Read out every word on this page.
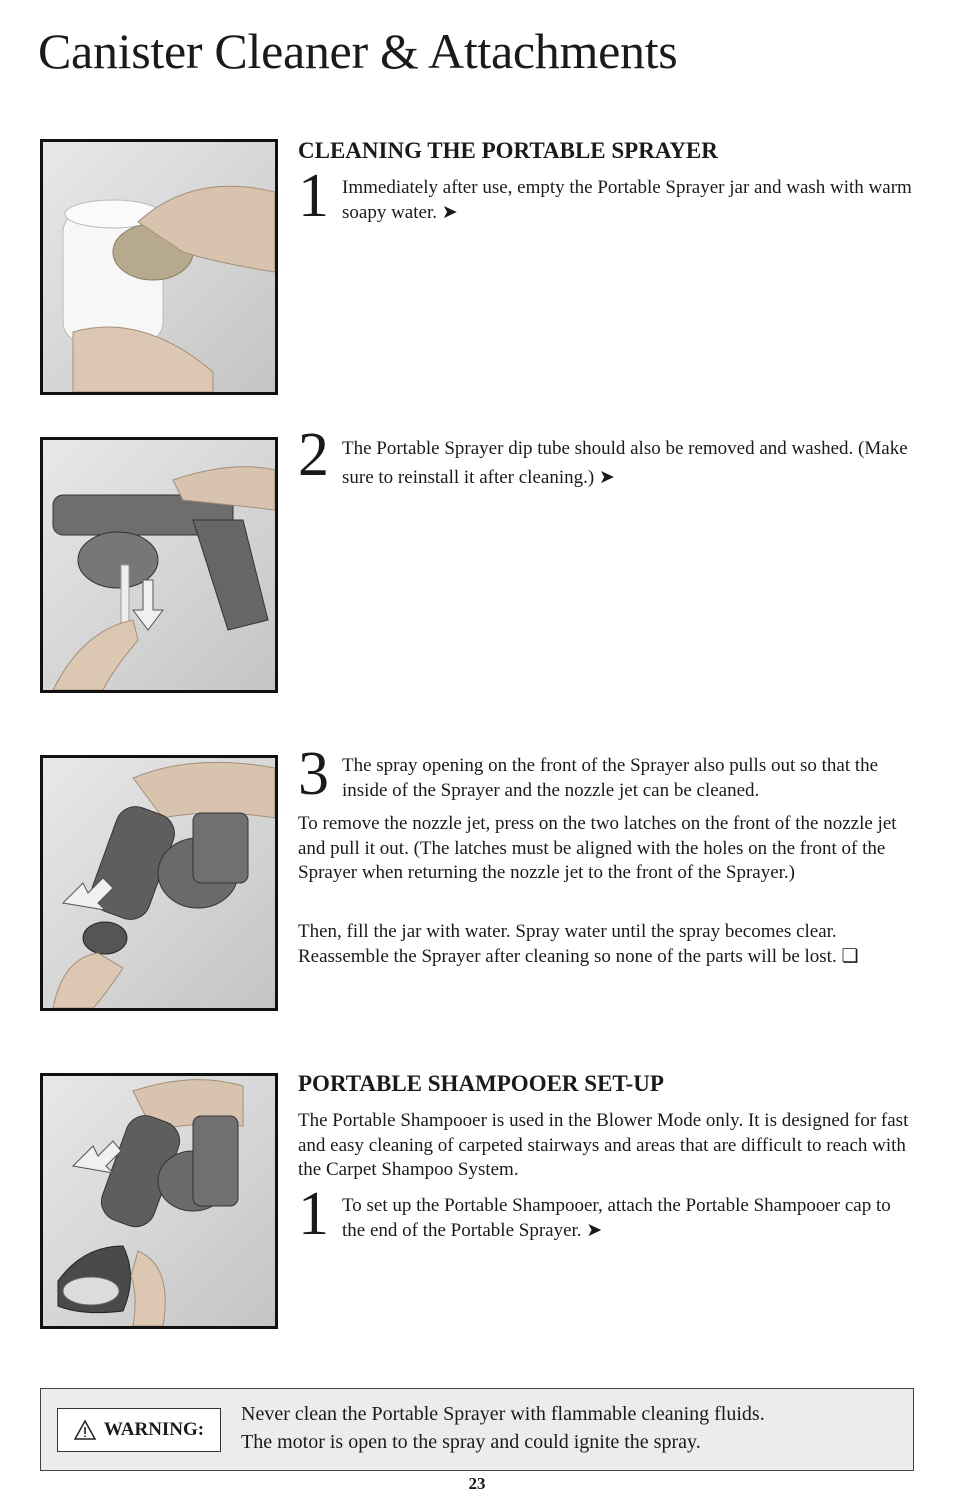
Canister Cleaner & Attachments
CLEANING THE PORTABLE SPRAYER
1 Immediately after use, empty the Portable Sprayer jar and wash with warm soapy water. ➤
2 The Portable Sprayer dip tube should also be removed and washed. (Make sure to reinstall it after cleaning.) ➤
3 The spray opening on the front of the Sprayer also pulls out so that the inside of the Sprayer and the nozzle jet can be cleaned.

To remove the nozzle jet, press on the two latches on the front of the nozzle jet and pull it out. (The latches must be aligned with the holes on the front of the Sprayer when returning the nozzle jet to the front of the Sprayer.)

Then, fill the jar with water. Spray water until the spray becomes clear. Reassemble the Sprayer after cleaning so none of the parts will be lost. ❏

PORTABLE SHAMPOOER SET-UP

The Portable Shampooer is used in the Blower Mode only. It is designed for fast and easy cleaning of carpeted stairways and areas that are difficult to reach with the Carpet Shampoo System.

1 To set up the Portable Shampooer, attach the Portable Shampooer cap to the end of the Portable Sprayer. ➤
WARNING:
Never clean the Portable Sprayer with flammable cleaning fluids.
The motor is open to the spray and could ignite the spray.
23
